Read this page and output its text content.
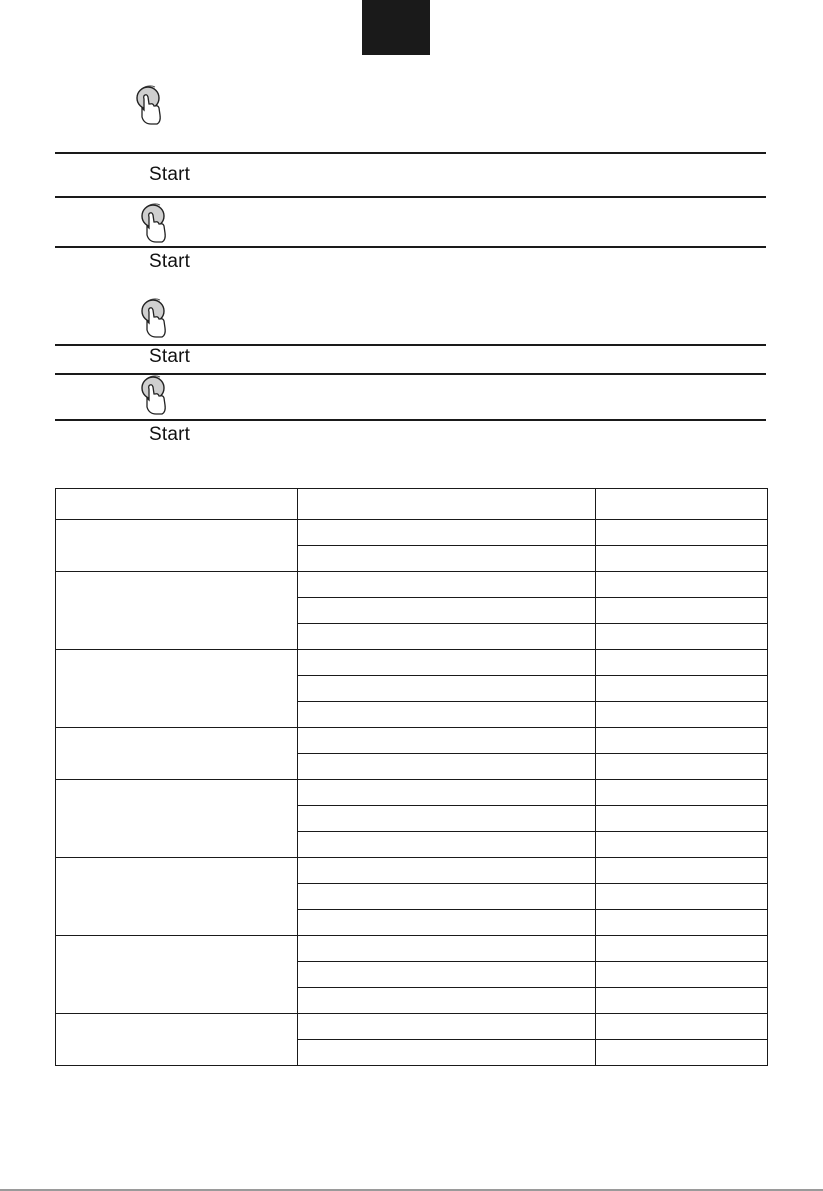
Start
Start
Start
Start
